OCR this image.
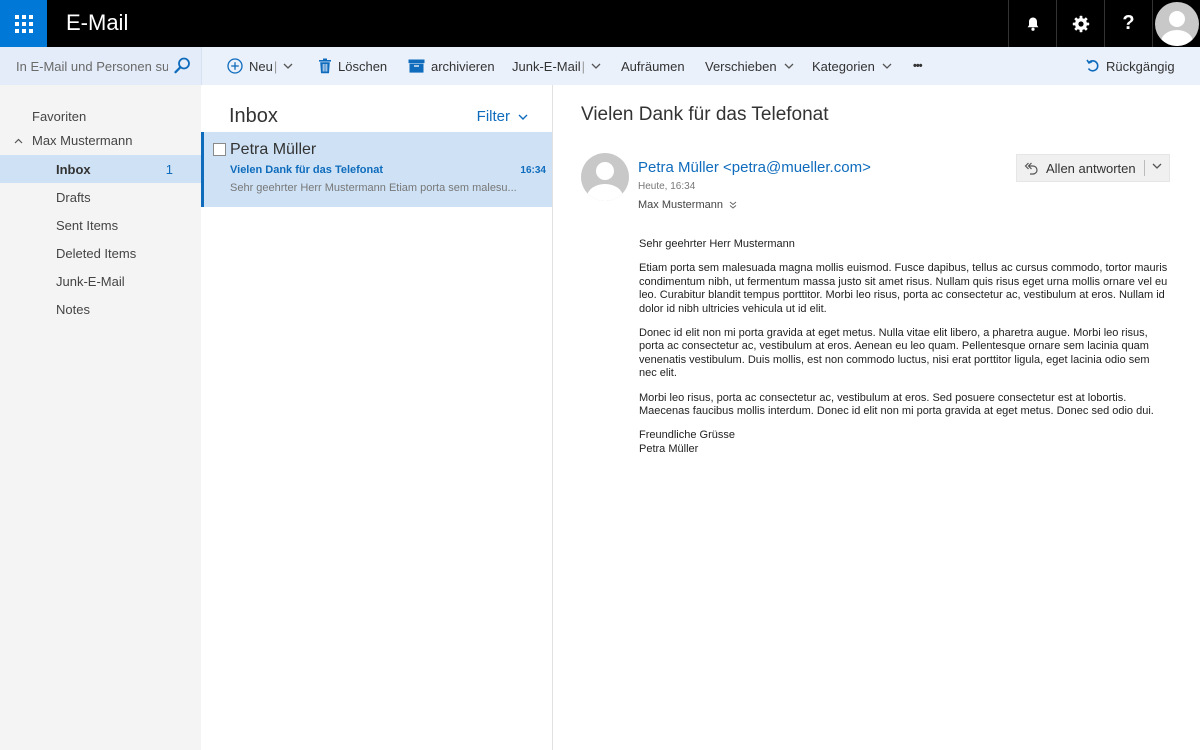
E-Mail	?
In E-Mail und Personen su...
Neu |	Löschen	archivieren Junk-E-Mail |	Aufräumen Verschieben	Kategorien	•••	Rückgängig
Favoriten
Max Mustermann
Inbox	1
Drafts
Sent Items
Deleted Items
Junk-E-Mail
Notes
Inbox	Filter
Petra Müller
Vielen Dank für das Telefonat	16:34
Sehr geehrter Herr Mustermann Etiam porta sem malesu...
Vielen Dank für das Telefonat
Petra Müller <petra@mueller.com>
Heute, 16:34
Max Mustermann
Allen antworten

Sehr geehrter Herr Mustermann

Etiam porta sem malesuada magna mollis euismod. Fusce dapibus, tellus ac cursus commodo, tortor mauris condimentum nibh, ut fermentum massa justo sit amet risus. Nullam quis risus eget urna mollis ornare vel eu leo. Curabitur blandit tempus porttitor. Morbi leo risus, porta ac consectetur ac, vestibulum at eros. Nullam id dolor id nibh ultricies vehicula ut id elit.

Donec id elit non mi porta gravida at eget metus. Nulla vitae elit libero, a pharetra augue. Morbi leo risus, porta ac consectetur ac, vestibulum at eros. Aenean eu leo quam. Pellentesque ornare sem lacinia quam venenatis vestibulum. Duis mollis, est non commodo luctus, nisi erat porttitor ligula, eget lacinia odio sem nec elit.

Morbi leo risus, porta ac consectetur ac, vestibulum at eros. Sed posuere consectetur est at lobortis. Maecenas faucibus mollis interdum. Donec id elit non mi porta gravida at eget metus. Donec sed odio dui.

Freundliche Grüsse

Petra Müller
